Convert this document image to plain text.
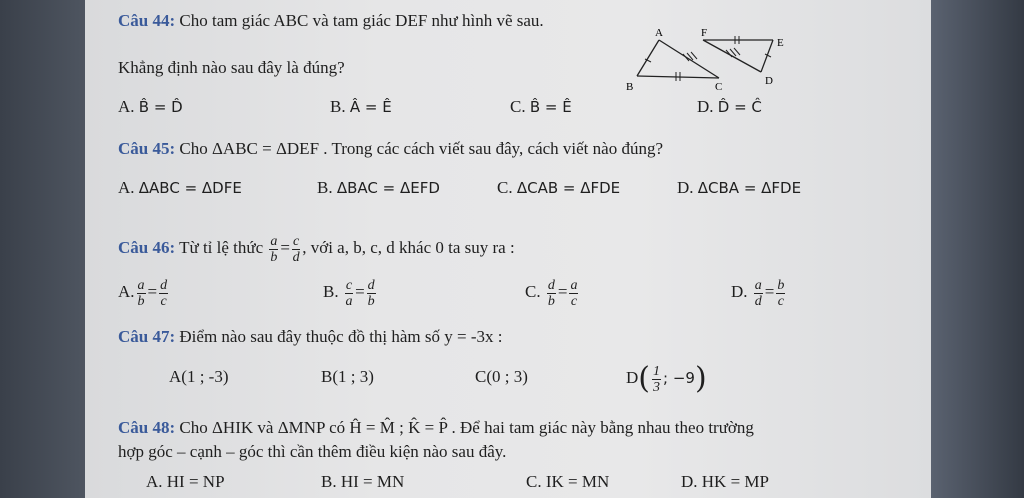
Câu 44: Cho tam giác ABC và tam giác DEF như hình vẽ sau.
Khẳng định nào sau đây là đúng?
A
B	C
F
E
D
A. B̂ = D̂	B. Â = Ê	C. B̂ = Ê	D. D̂ = Ĉ
Câu 45: Cho ΔABC = ΔDEF . Trong các cách viết sau đây, cách viết nào đúng?
A. ΔABC = ΔDFE	B. ΔBAC = ΔEFD	C. ΔCAB = ΔFDE	D. ΔCBA = ΔFDE
Câu 46: Từ tỉ lệ thức $\frac{a}{b} = \frac{c}{d}$ , với a, b, c, d khác 0 ta suy ra :
A. $\frac{a}{b} = \frac{d}{c}$	B. $\frac{c}{a} = \frac{d}{b}$	C. $\frac{d}{b} = \frac{a}{c}$	D. $\frac{a}{d} = \frac{b}{c}$
Câu 47: Điểm nào sau đây thuộc đồ thị hàm số y = -3x :
A(1 ; -3)	B(1 ; 3)	C(0 ; 3)	$D( \frac{1}{3}$ ; −9)
Câu 48: Cho ΔHIK và ΔMNP có Ĥ = M̂ ; K̂ = P̂ . Để hai tam giác này bằng nhau theo trường
hợp góc – cạnh – góc thì cần thêm điều kiện nào sau đây.
A. HI = NP	B. HI = MN	C. IK = MN	D. HK = MP
